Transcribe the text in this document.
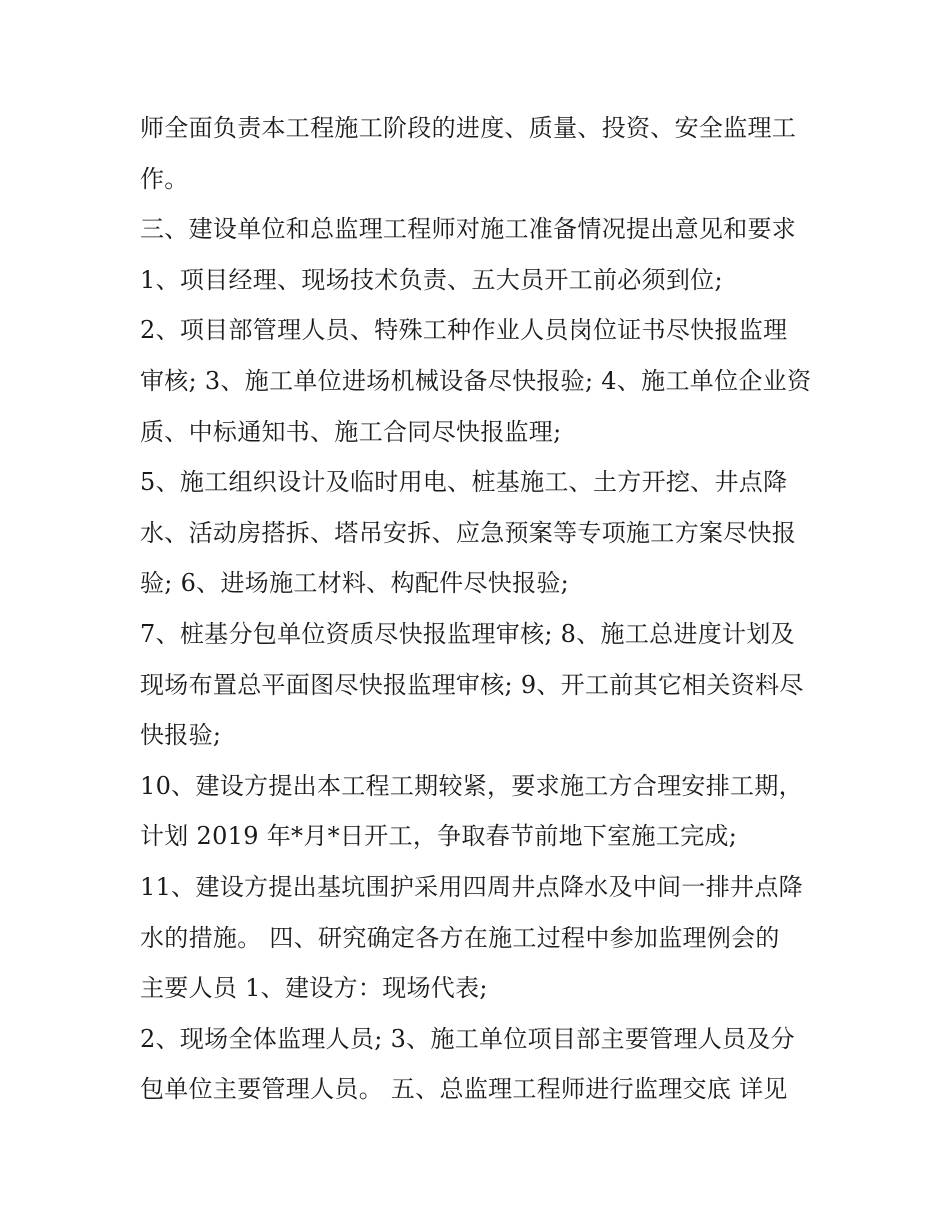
师全面负责本工程施工阶段的进度、质量、投资、安全监理工
作。
三、建设单位和总监理工程师对施工准备情况提出意见和要求
1、项目经理、现场技术负责、五大员开工前必须到位;
2、项目部管理人员、特殊工种作业人员岗位证书尽快报监理
审核; 3、施工单位进场机械设备尽快报验; 4、施工单位企业资
质、中标通知书、施工合同尽快报监理;
5、施工组织设计及临时用电、桩基施工、土方开挖、井点降
水、活动房搭拆、塔吊安拆、应急预案等专项施工方案尽快报
验; 6、进场施工材料、构配件尽快报验;
7、桩基分包单位资质尽快报监理审核; 8、施工总进度计划及
现场布置总平面图尽快报监理审核; 9、开工前其它相关资料尽
快报验;
10、建设方提出本工程工期较紧，要求施工方合理安排工期，
计划 2019 年*月*日开工，争取春节前地下室施工完成;
11、建设方提出基坑围护采用四周井点降水及中间一排井点降
水的措施。 四、研究确定各方在施工过程中参加监理例会的
主要人员 1、建设方：现场代表;
2、现场全体监理人员; 3、施工单位项目部主要管理人员及分
包单位主要管理人员。 五、总监理工程师进行监理交底 详见
